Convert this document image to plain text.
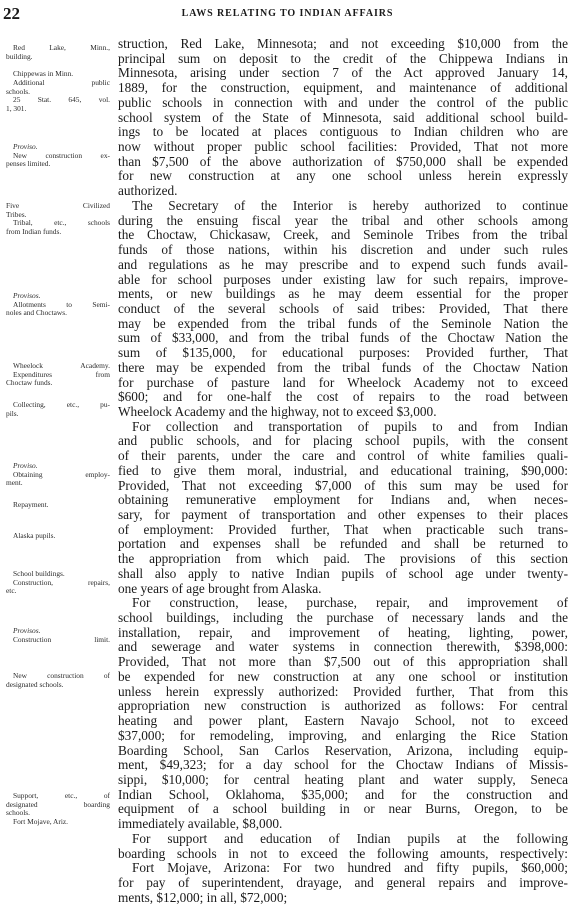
22	LAWS RELATING TO INDIAN AFFAIRS
Red Lake, Minn.,
building.

Chippewas in Minn.
Additional public
schools.
25 Stat. 645, vol.
1, 301.
Proviso.
New construction ex-
penses limited.
Five Civilized
Tribes.
Tribal, etc., schools
from Indian funds.
Provisos.
Allotments to Semi-
noles and Choctaws.
Wheelock Academy.
Expenditures from
Choctaw funds.
Collecting, etc., pu-
pils.
Proviso.
Obtaining employ-
ment.
Repayment.
Alaska pupils.
School buildings.
Construction, repairs,
etc.
Provisos.
Construction limit.
New construction of
designated schools.
Support, etc., of
designated boarding
schools.
Fort Mojave, Ariz.
struction, Red Lake, Minnesota; and not exceeding $10,000 from the
principal sum on deposit to the credit of the Chippewa Indians in
Minnesota, arising under section 7 of the Act approved January 14,
1889, for the construction, equipment, and maintenance of additional
public schools in connection with and under the control of the public
school system of the State of Minnesota, said additional school build-
ings to be located at places contiguous to Indian children who are
now without proper public school facilities: Provided, That not more
than $7,500 of the above authorization of $750,000 shall be expended
for new construction at any one school unless herein expressly
authorized.
The Secretary of the Interior is hereby authorized to continue
during the ensuing fiscal year the tribal and other schools among
the Choctaw, Chickasaw, Creek, and Seminole Tribes from the tribal
funds of those nations, within his discretion and under such rules
and regulations as he may prescribe and to expend such funds avail-
able for school purposes under existing law for such repairs, improve-
ments, or new buildings as he may deem essential for the proper
conduct of the several schools of said tribes: Provided, That there
may be expended from the tribal funds of the Seminole Nation the
sum of $33,000, and from the tribal funds of the Choctaw Nation the
sum of $135,000, for educational purposes: Provided further, That
there may be expended from the tribal funds of the Choctaw Nation
for purchase of pasture land for Wheelock Academy not to exceed
$600; and for one-half the cost of repairs to the road between
Wheelock Academy and the highway, not to exceed $3,000.
For collection and transportation of pupils to and from Indian
and public schools, and for placing school pupils, with the consent
of their parents, under the care and control of white families quali-
fied to give them moral, industrial, and educational training, $90,000:
Provided, That not exceeding $7,000 of this sum may be used for
obtaining remunerative employment for Indians and, when neces-
sary, for payment of transportation and other expenses to their places
of employment: Provided further, That when practicable such trans-
portation and expenses shall be refunded and shall be returned to
the appropriation from which paid. The provisions of this section
shall also apply to native Indian pupils of school age under twenty-
one years of age brought from Alaska.
For construction, lease, purchase, repair, and improvement of
school buildings, including the purchase of necessary lands and the
installation, repair, and improvement of heating, lighting, power,
and sewerage and water systems in connection therewith, $398,000:
Provided, That not more than $7,500 out of this appropriation shall
be expended for new construction at any one school or institution
unless herein expressly authorized: Provided further, That from this
appropriation new construction is authorized as follows: For central
heating and power plant, Eastern Navajo School, not to exceed
$37,000; for remodeling, improving, and enlarging the Rice Station
Boarding School, San Carlos Reservation, Arizona, including equip-
ment, $49,323; for a day school for the Choctaw Indians of Missis-
sippi, $10,000; for central heating plant and water supply, Seneca
Indian School, Oklahoma, $35,000; and for the construction and
equipment of a school building in or near Burns, Oregon, to be
immediately available, $8,000.
For support and education of Indian pupils at the following
boarding schools in not to exceed the following amounts, respectively:
Fort Mojave, Arizona: For two hundred and fifty pupils, $60,000;
for pay of superintendent, drayage, and general repairs and improve-
ments, $12,000; in all, $72,000;
